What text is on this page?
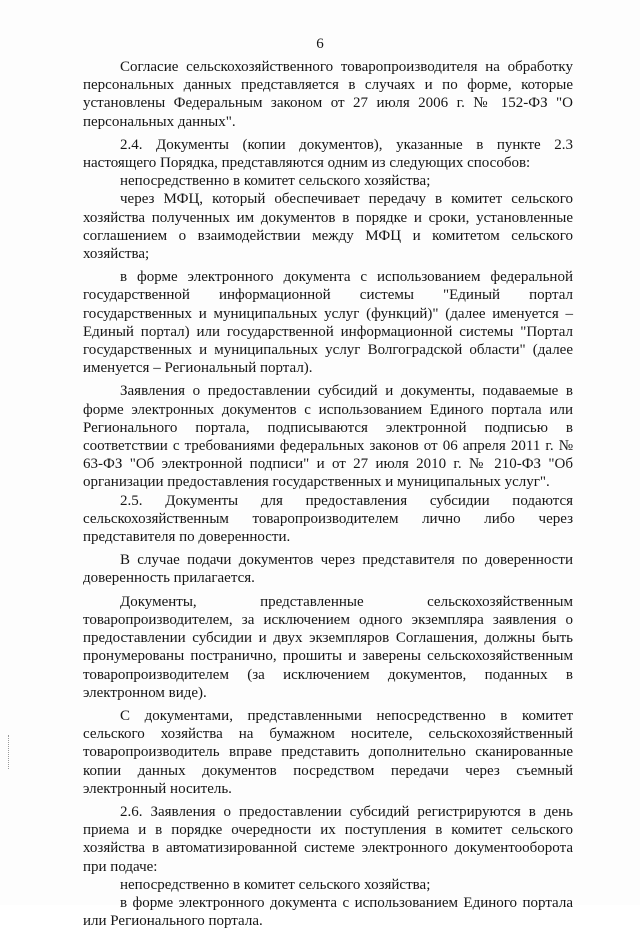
6

Согласие сельскохозяйственного товаропроизводителя на обработку персональных данных представляется в случаях и по форме, которые установлены Федеральным законом от 27 июля 2006 г. № 152-ФЗ "О персональных данных".

2.4. Документы (копии документов), указанные в пункте 2.3 настоящего Порядка, представляются одним из следующих способов:

непосредственно в комитет сельского хозяйства;

через МФЦ, который обеспечивает передачу в комитет сельского хозяйства полученных им документов в порядке и сроки, установленные соглашением о взаимодействии между МФЦ и комитетом сельского хозяйства;

в форме электронного документа с использованием федеральной государственной информационной системы "Единый портал государственных и муниципальных услуг (функций)" (далее именуется – Единый портал) или государственной информационной системы "Портал государственных и муниципальных услуг Волгоградской области" (далее именуется – Региональный портал).

Заявления о предоставлении субсидий и документы, подаваемые в форме электронных документов с использованием Единого портала или Регионального портала, подписываются электронной подписью в соответствии с требованиями федеральных законов от 06 апреля 2011 г. № 63-ФЗ "Об электронной подписи" и от 27 июля 2010 г. № 210-ФЗ "Об организации предоставления государственных и муниципальных услуг".

2.5. Документы для предоставления субсидии подаются сельскохозяйственным товаропроизводителем лично либо через представителя по доверенности.

В случае подачи документов через представителя по доверенности доверенность прилагается.

Документы, представленные сельскохозяйственным товаропроизводителем, за исключением одного экземпляра заявления о предоставлении субсидии и двух экземпляров Соглашения, должны быть пронумерованы постранично, прошиты и заверены сельскохозяйственным товаропроизводителем (за исключением документов, поданных в электронном виде).

С документами, представленными непосредственно в комитет сельского хозяйства на бумажном носителе, сельскохозяйственный товаропроизводитель вправе представить дополнительно сканированные копии данных документов посредством передачи через съемный электронный носитель.

2.6. Заявления о предоставлении субсидий регистрируются в день приема и в порядке очередности их поступления в комитет сельского хозяйства в автоматизированной системе электронного документооборота при подаче:

непосредственно в комитет сельского хозяйства;

в форме электронного документа с использованием Единого портала или Регионального портала.
